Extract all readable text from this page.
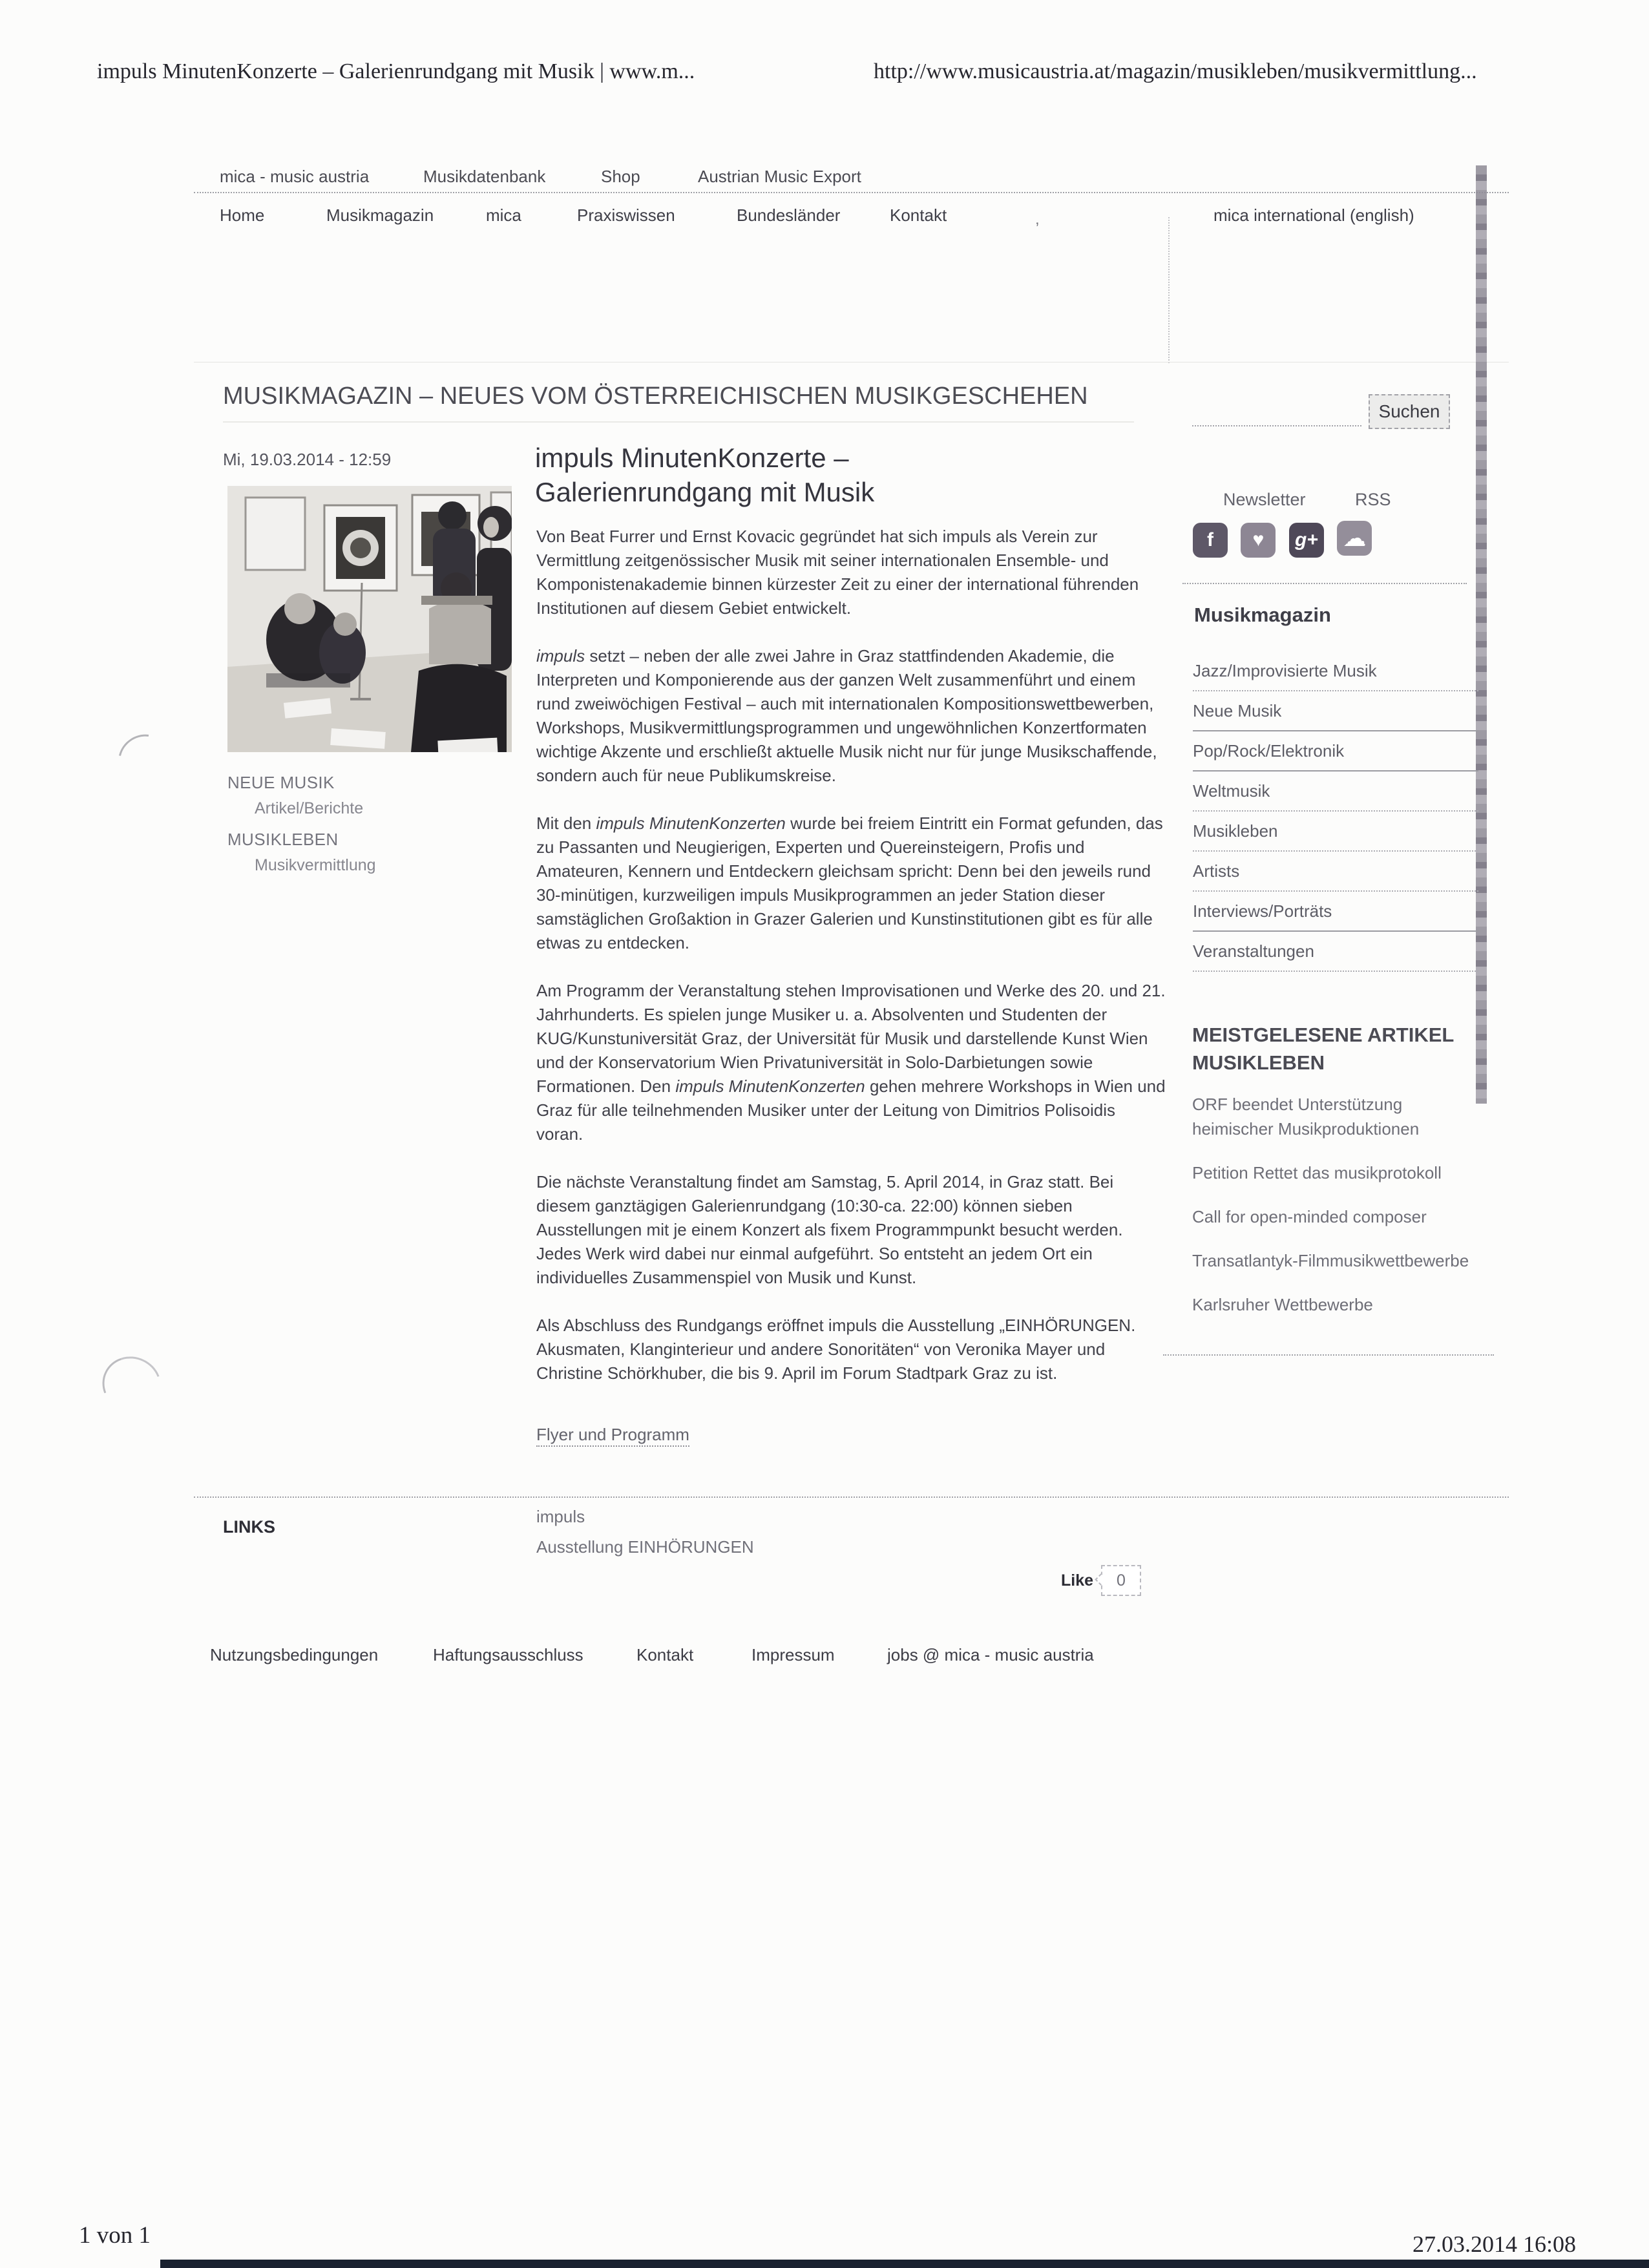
impuls MinutenKonzerte – Galerienrundgang mit Musik | www.m...	http://www.musicaustria.at/magazin/musikleben/musikvermittlung...
mica - music austria	Musikdatenbank	Shop	Austrian Music Export
Home	Musikmagazin	mica	Praxiswissen	Bundesländer	Kontakt	,	mica international (english)
MUSIKMAGAZIN – NEUES VOM ÖSTERREICHISCHEN MUSIKGESCHEHEN
Suchen
Mi, 19.03.2014 - 12:59	impuls MinutenKonzerte – Galerienrundgang mit Musik
NEUE MUSIK
Artikel/Berichte
MUSIKLEBEN
Musikvermittlung

Von Beat Furrer und Ernst Kovacic gegründet hat sich impuls als Verein zur Vermittlung zeitgenössischer Musik mit seiner internationalen Ensemble- und Komponistenakademie binnen kürzester Zeit zu einer der international führenden Institutionen auf diesem Gebiet entwickelt.

impuls setzt – neben der alle zwei Jahre in Graz stattfindenden Akademie, die Interpreten und Komponierende aus der ganzen Welt zusammenführt und einem rund zweiwöchigen Festival – auch mit internationalen Kompositionswettbewerben, Workshops, Musikvermittlungsprogrammen und ungewöhnlichen Konzertformaten wichtige Akzente und erschließt aktuelle Musik nicht nur für junge Musikschaffende, sondern auch für neue Publikumskreise.

Mit den impuls MinutenKonzerten wurde bei freiem Eintritt ein Format gefunden, das zu Passanten und Neugierigen, Experten und Quereinsteigern, Profis und Amateuren, Kennern und Entdeckern gleichsam spricht: Denn bei den jeweils rund 30-minütigen, kurzweiligen impuls Musikprogrammen an jeder Station dieser samstäglichen Großaktion in Grazer Galerien und Kunstinstitutionen gibt es für alle etwas zu entdecken.

Am Programm der Veranstaltung stehen Improvisationen und Werke des 20. und 21. Jahrhunderts. Es spielen junge Musiker u. a. Absolventen und Studenten der KUG/Kunstuniversität Graz, der Universität für Musik und darstellende Kunst Wien und der Konservatorium Wien Privatuniversität in Solo-Darbietungen sowie Formationen. Den impuls MinutenKonzerten gehen mehrere Workshops in Wien und Graz für alle teilnehmenden Musiker unter der Leitung von Dimitrios Polisoidis voran.

Die nächste Veranstaltung findet am Samstag, 5. April 2014, in Graz statt. Bei diesem ganztägigen Galerienrundgang (10:30-ca. 22:00) können sieben Ausstellungen mit je einem Konzert als fixem Programmpunkt besucht werden. Jedes Werk wird dabei nur einmal aufgeführt. So entsteht an jedem Ort ein individuelles Zusammenspiel von Musik und Kunst.

Als Abschluss des Rundgangs eröffnet impuls die Ausstellung „EINHÖRUNGEN. Akusmaten, Klanginterieur und andere Sonoritäten“ von Veronika Mayer und Christine Schörkhuber, die bis 9. April im Forum Stadtpark Graz zu ist.

Flyer und Programm
Newsletter	RSS
f
♥
g+
☁
Musikmagazin
Jazz/Improvisierte Musik
Neue Musik
Pop/Rock/Elektronik
Weltmusik
Musikleben
Artists
Interviews/Porträts
Veranstaltungen
MEISTGELESENE ARTIKEL MUSIKLEBEN
ORF beendet Unterstützung heimischer Musikproduktionen
Petition Rettet das musikprotokoll
Call for open-minded composer
Transatlantyk-Filmmusikwettbewerbe
Karlsruher Wettbewerbe
LINKS
impuls
Ausstellung EINHÖRUNGEN
Like 0
Nutzungsbedingungen	Haftungsausschluss	Kontakt	Impressum	jobs @ mica - music austria
1 von 1	27.03.2014 16:08
